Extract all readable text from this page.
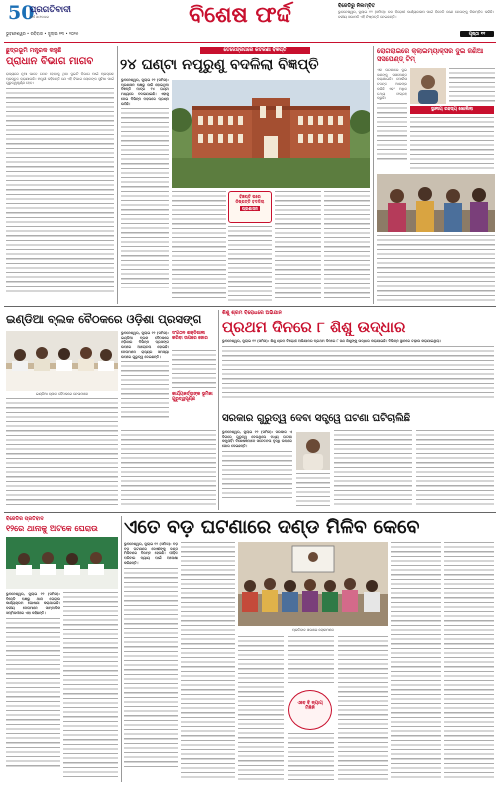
50
ବର୍ଷ ସଫଳତାର
ପ୍ରଗତିବାଦୀ
ଭୁବନେଶ୍ୱର • ରବିବାର • ଜୁଲାଇ ୧୩ • ୨୦୨୫
ବିଶେଷ ଫର୍ଦ୍ଦ
ପୃଷ୍ଠା ୧୧
ବିଜେଡିରୁ ନିଲମ୍ବିତ
ଭୁବନେଶ୍ୱର, ଜୁଲାଇ ୧୨ (ସମିସ): ଦଳ ବିରୋଧୀ କାର୍ଯ୍ୟକଳାପ ପାଇଁ ବିଜେଡି ଜଣେ ନେତାଙ୍କୁ ନିଲମ୍ବିତ କରିଛି। ଦଳୀୟ ସଭାପତି ଏହି ନିଷ୍ପତ୍ତି ନେଇଛନ୍ତି।
ଛୁଦ୍ରଭୂମି ମନ୍ତ୍ରକ କହୁଛି
ପ୍ରାଧାନ ବିଭାଗ ମାଗବ

ରାଜ୍ୟରେ ନୂଆ ଭାବେ ଗଠନ ହେବାକୁ ଥିବା ଦୁଇଟି ବିଭାଗ ପାଇଁ ପ୍ରସ୍ତାବ ପ୍ରସ୍ତୁତ କରାଯାଉଛି। ମନ୍ତ୍ରୀ କହିଛନ୍ତି ଯେ ଏହି ବିଭାଗ ଲୋକଙ୍କ ସୁବିଧା ପାଇଁ ଗୁରୁତ୍ୱପୂର୍ଣ୍ଣ ହେବ।

ତେଜେନ୍ଦ୍ରଗରେ କଟକଣା ବିଜ୍ଞପ୍ତି
୨୪ ଘଣ୍ଟା ନପୂରୁଣୁ ବଦଳିଲା ବିଜ୍ଞପ୍ତି

ଭୁବନେଶ୍ୱର, ଜୁଲାଇ ୧୨ (ସମିସ): ପ୍ରଶାସନ ପକ୍ଷରୁ ଜାରି ହୋଇଥିବା ବିଜ୍ଞପ୍ତି ମାତ୍ର ୨୪ ଘଣ୍ଟା ମଧ୍ୟରେ ବଦଳାଯାଇଛି। ଏହାକୁ ନେଇ ବିଭିନ୍ନ ମହଲରେ ପ୍ରଶ୍ନ ଉଠିଛି।

ବିଜ୍ଞପ୍ତି ପରେ ନିଷ୍ପତ୍ତି ବଦଳିଲା
ପ୍ରଶାସନ
ରୋଗରାଇରେ କ୍ଲାଇମ୍ୟାକ୍ସର ଦୁଇ ଜଣିଆ ସସପେଣ୍ଡ୍ ଟିମ୍
ସ୍ଥାନୀୟ ରହସ୍ୟ ଖୋଲିଲା

ଏକ ଘଟଣାରେ ଦୁଇ ଜଣଙ୍କୁ ସସପେଣ୍ଡ କରାଯାଇଛି। ପୋଲିସ ତଦନ୍ତ ଆରମ୍ଭ କରିଛି ଏବଂ ଅଧିକ ତଥ୍ୟ ସଂଗ୍ରହ କରୁଛି।

ଇଣ୍ଡିଆ ବ୍ଲକ ବୈଠକରେ ଓଡ଼ିଶା ପ୍ରସଙ୍ଗ
ଇଣ୍ଡିଆ ବ୍ଲକ ବୈଠକରେ ନେତାମାନେ

ଭୁବନେଶ୍ୱର, ଜୁଲାଇ ୧୨ (ସମିସ): ଇଣ୍ଡିଆ ବ୍ଲକ ବୈଠକରେ ଓଡ଼ିଶାର ବିଭିନ୍ନ ପ୍ରସଙ୍ଗ ଉପରେ ଆଲୋଚନା ହୋଇଛି। ନେତାମାନେ ରାଜ୍ୟର ସମସ୍ୟା ଉପରେ ଗୁରୁତ୍ୱ ଦେଇଛନ୍ତି।

ସଂଗଠନ ଶକ୍ତିଶାଳୀ କରିବା ଉପରେ ଜୋର
କାର୍ଯ୍ୟକର୍ତ୍ତାଙ୍କ ଭୂମିକା ଗୁରୁତ୍ୱପୂର୍ଣ୍ଣ
ଶିଶୁ ଶ୍ରମ ବିରୋଧରେ ଅଭିଯାନ
ପ୍ରଥମ ଦିନରେ ୮ ଶିଶୁ ଉଦ୍ଧାର

ଭୁବନେଶ୍ୱର, ଜୁଲାଇ ୧୨ (ସମିସ): ଶିଶୁ ଶ୍ରମ ବିରୋଧୀ ଅଭିଯାନର ପ୍ରଥମ ଦିନରେ ୮ ଜଣ ଶିଶୁଙ୍କୁ ଉଦ୍ଧାର କରାଯାଇଛି। ବିଭିନ୍ନ ସ୍ଥାନରେ ଚଢ଼ାଉ କରାଯାଇଥିଲା।

ସରକାର ଗୁରୁତ୍ୱ ଦେବା ସତ୍ତ୍ୱେ ଘଟଣା ଘଟିଚାଲିଛି

ଭୁବନେଶ୍ୱର, ଜୁଲାଇ ୧୨ (ସମିସ): ସରକାର ଏ ଦିଗରେ ଗୁରୁତ୍ୱ ଦେଉଥିଲେ ମଧ୍ୟ ଘଟଣା କମୁନାହିଁ। ବିଶେଷଜ୍ଞମାନେ ସଚେତନତା ବୃଦ୍ଧି ଉପରେ ଜୋର ଦେଇଛନ୍ତି।

ବିଜେଡିର ପ୍ରତିବାଦ
୧୨ରେ ଥାନାକୁ ଅଟକେ ଘେରାଉ

ଭୁବନେଶ୍ୱର, ଜୁଲାଇ ୧୨ (ସମିସ): ବିଜେଡି ପକ୍ଷରୁ ଥାନା ଘେରାଉ କାର୍ଯ୍ୟକ୍ରମ ଘୋଷଣା କରାଯାଇଛି। ଦଳୀୟ ନେତାମାନେ ସାମ୍ବାଦିକ ସମ୍ମିଳନୀରେ ଏହା କହିଛନ୍ତି।

ଏତେ ବଡ଼ ଘଟଣାରେ ଦଣ୍ଡ ମିଳିବ କେବେ

ଭୁବନେଶ୍ୱର, ଜୁଲାଇ ୧୨ (ସମିସ): ବଡ଼ ବଡ଼ ଘଟଣାରେ ଦୋଷୀଙ୍କୁ ଦଣ୍ଡ ମିଳିବାରେ ବିଳମ୍ବ ହେଉଛି। ପୀଡ଼ିତ ପରିବାର ନ୍ୟାୟ ପାଇଁ ଅପେକ୍ଷା କରିଛନ୍ତି।

ପ୍ରତିବାଦ ସଭାରେ ଲୋକମାନେ
ଏବେ ବି ନ୍ୟାୟ ମିଳିନି
